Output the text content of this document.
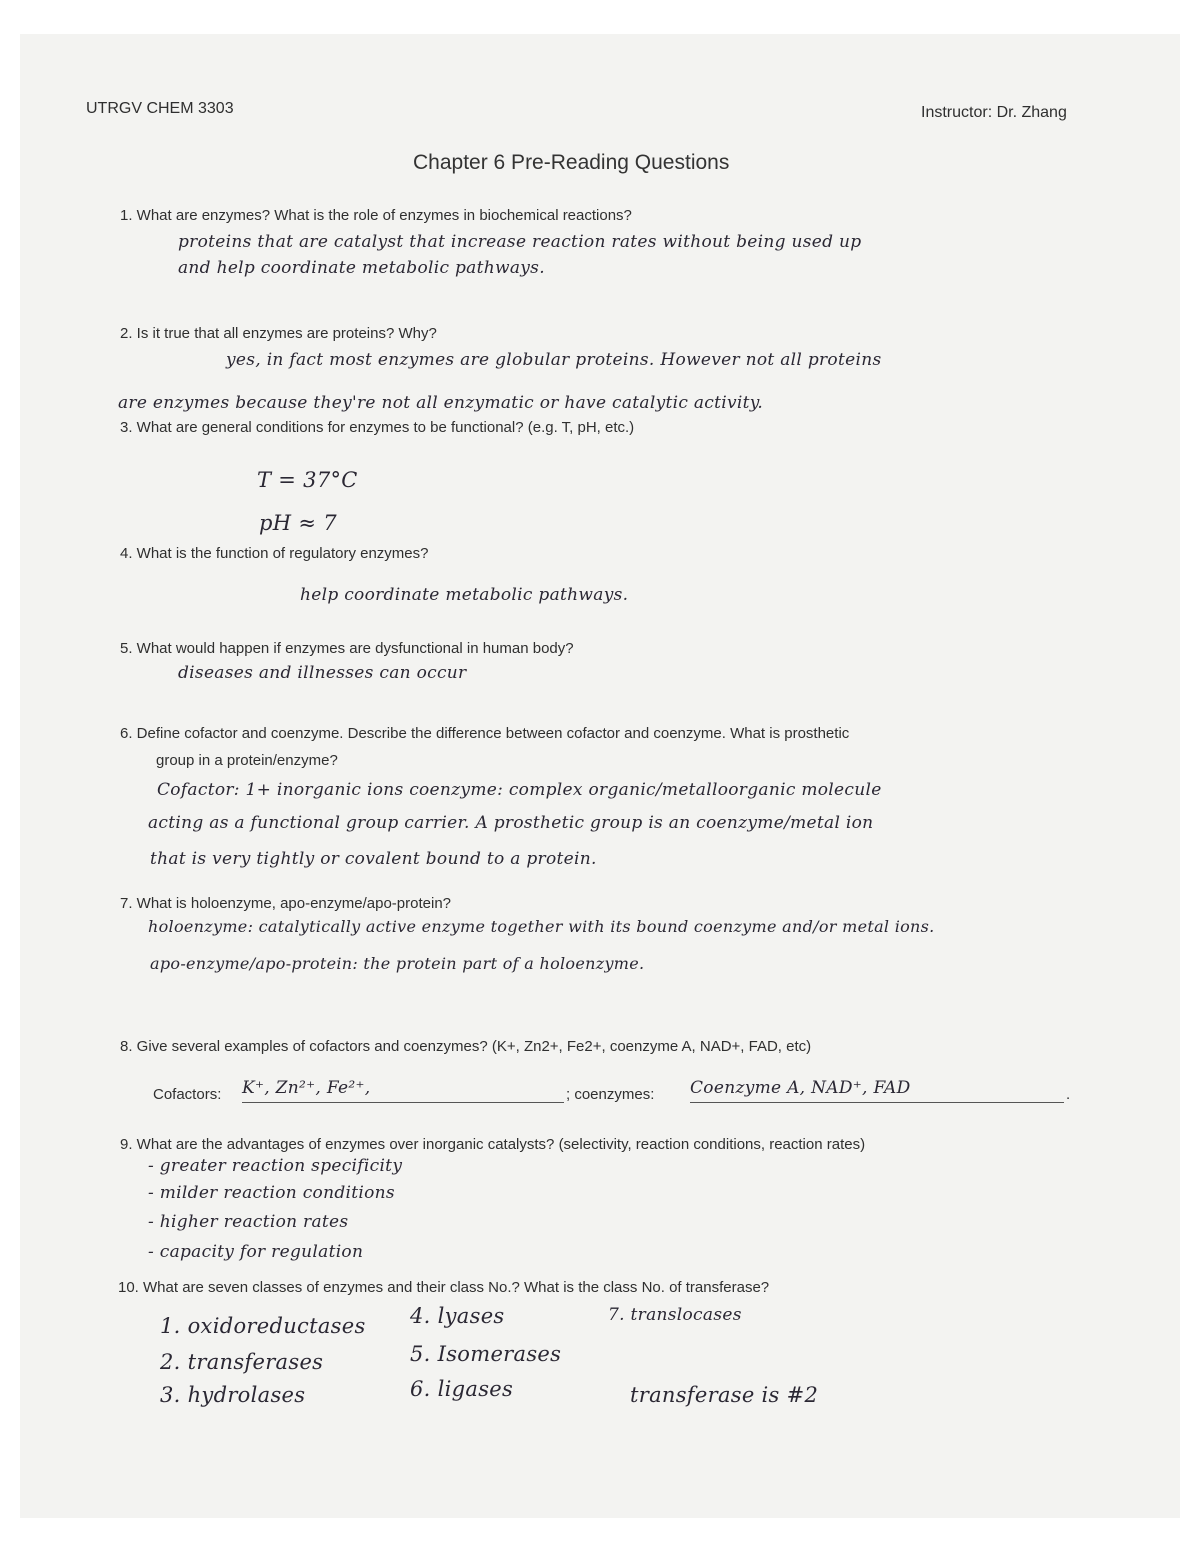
UTRGV CHEM 3303	Instructor: Dr. Zhang
Chapter 6 Pre-Reading Questions
1. What are enzymes? What is the role of enzymes in biochemical reactions?
proteins that are catalyst that increase reaction rates without being used up
and help coordinate metabolic pathways.
2. Is it true that all enzymes are proteins? Why?
yes, in fact most enzymes are globular proteins. However not all proteins
are enzymes because they're not all enzymatic or have catalytic activity.
3. What are general conditions for enzymes to be functional? (e.g. T, pH, etc.)
T = 37°C
pH ≈ 7
4. What is the function of regulatory enzymes?
help coordinate metabolic pathways.
5. What would happen if enzymes are dysfunctional in human body?
diseases and illnesses can occur
6. Define cofactor and coenzyme. Describe the difference between cofactor and coenzyme. What is prosthetic
group in a protein/enzyme?
Cofactor: 1+ inorganic ions coenzyme: complex organic/metalloorganic molecule
acting as a functional group carrier. A prosthetic group is an coenzyme/metal ion
that is very tightly or covalent bound to a protein.
7. What is holoenzyme, apo-enzyme/apo-protein?
holoenzyme: catalytically active enzyme together with its bound coenzyme and/or metal ions.
apo-enzyme/apo-protein: the protein part of a holoenzyme.
8. Give several examples of cofactors and coenzymes? (K+, Zn2+, Fe2+, coenzyme A, NAD+, FAD, etc)
Cofactors: K⁺, Zn²⁺, Fe²⁺,	; coenzymes: Coenzyme A, NAD⁺, FAD	.
9. What are the advantages of enzymes over inorganic catalysts? (selectivity, reaction conditions, reaction rates)
- greater reaction specificity
- milder reaction conditions
- higher reaction rates
- capacity for regulation
10. What are seven classes of enzymes and their class No.? What is the class No. of transferase?
1. oxidoreductases
2. transferases
3. hydrolases
4. lyases
5. Isomerases
6. ligases
7. translocases
transferase is #2
